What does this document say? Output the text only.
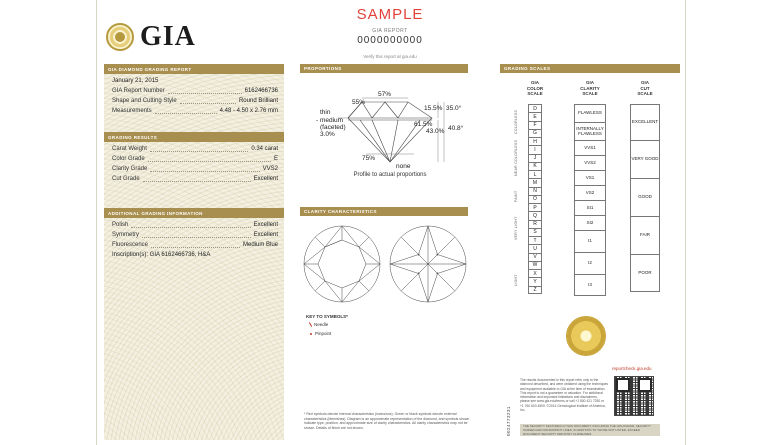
GIA
SAMPLE
GIA REPORT
0000000000
Verify this report at gia.edu
GIA DIAMOND GRADING REPORT
January 21, 2015
GIA Report Number	6162466736
Shape and Cutting Style	Round Brilliant
Measurements	4.48 - 4.50 x 2.76 mm
GRADING RESULTS
Carat Weight	0.34 carat
Color Grade	E
Clarity Grade	VVS2
Cut Grade	Excellent
ADDITIONAL GRADING INFORMATION
Polish	Excellent
Symmetry	Excellent
Fluorescence	Medium Blue
Inscription(s): GIA 6162466736, H&A
PROPORTIONS
57%
55%
15.5% 35.0°
thin
- medium
(faceted)
3.0%
61.5%
43.0% 40.8°
75%
none
Profile to actual proportions
CLARITY CHARACTERISTICS
KEY TO SYMBOLS*
Needle
Pinpoint
* Red symbols denote internal characteristics (inclusions). Green or black symbols denote external characteristics (blemishes). Diagram is an approximate representation of the diamond, and symbols shown indicate type, position, and approximate size of clarity characteristics. All clarity characteristics may not be shown. Details of finish are not shown.
GRADING SCALES
GIA
COLOR
SCALE
GIA
CLARITY
SCALE
GIA
CUT
SCALE
D
E
F
G
H
I
J
K
L
M
N
O
P
Q
R
S
T
U
V
W
X
Y
Z
COLORLESS
NEAR COLORLESS
FAINT
VERY LIGHT
LIGHT
FLAWLESS
INTERNALLY FLAWLESS
VVS1
VVS2
VS1
VS2
SI1
SI2
I1
I2
I3
EXCELLENT
VERY GOOD
GOOD
FAIR
POOR
reportcheck.gia.edu
The results documented in this report refer only to the diamond described, and were obtained using the techniques and equipment available to GIA at the time of examination. This report is not a guarantee or valuation. For additional information and important limitations and disclaimers, please see www.gia.edu/terms or call +1 800 421 7250 or +1 760 603 4500. ©2014 Gemological Institute of America, Inc.
THE SECURITY FEATURES IN THIS DOCUMENT, INCLUDING THE HOLOGRAM, SECURITY SCREEN AND MICROPRINT LINES, IN ADDITION TO THOSE NOT LISTED, EXCEED DOCUMENT SECURITY INDUSTRY GUIDELINES.
0024773231
